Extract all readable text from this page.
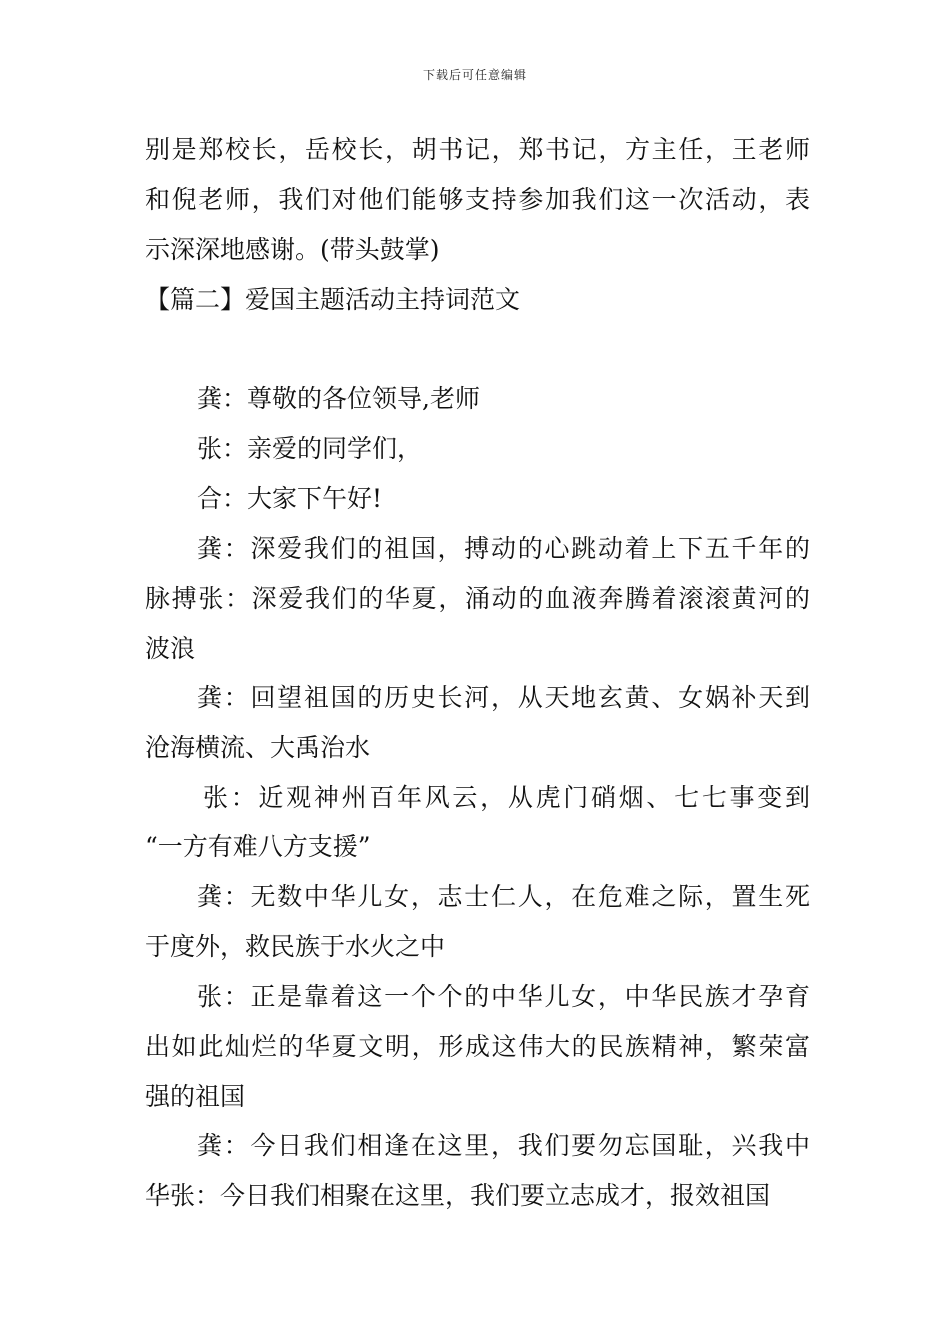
下载后可任意编辑
别是郑校长，岳校长，胡书记，郑书记，方主任，王老师
和倪老师，我们对他们能够支持参加我们这一次活动，表
示深深地感谢。(带头鼓掌)
【篇二】爱国主题活动主持词范文
龚：尊敬的各位领导,老师
张：亲爱的同学们，
合：大家下午好!
龚：深爱我们的祖国，搏动的心跳动着上下五千年的
脉搏张：深爱我们的华夏，涌动的血液奔腾着滚滚黄河的
波浪
龚：回望祖国的历史长河，从天地玄黄、女娲补天到
沧海横流、大禹治水
张：近观神州百年风云，从虎门硝烟、七七事变到
“一方有难八方支援”
龚：无数中华儿女，志士仁人，在危难之际，置生死
于度外，救民族于水火之中
张：正是靠着这一个个的中华儿女，中华民族才孕育
出如此灿烂的华夏文明，形成这伟大的民族精神，繁荣富
强的祖国
龚：今日我们相逢在这里，我们要勿忘国耻，兴我中
华张：今日我们相聚在这里，我们要立志成才，报效祖国
